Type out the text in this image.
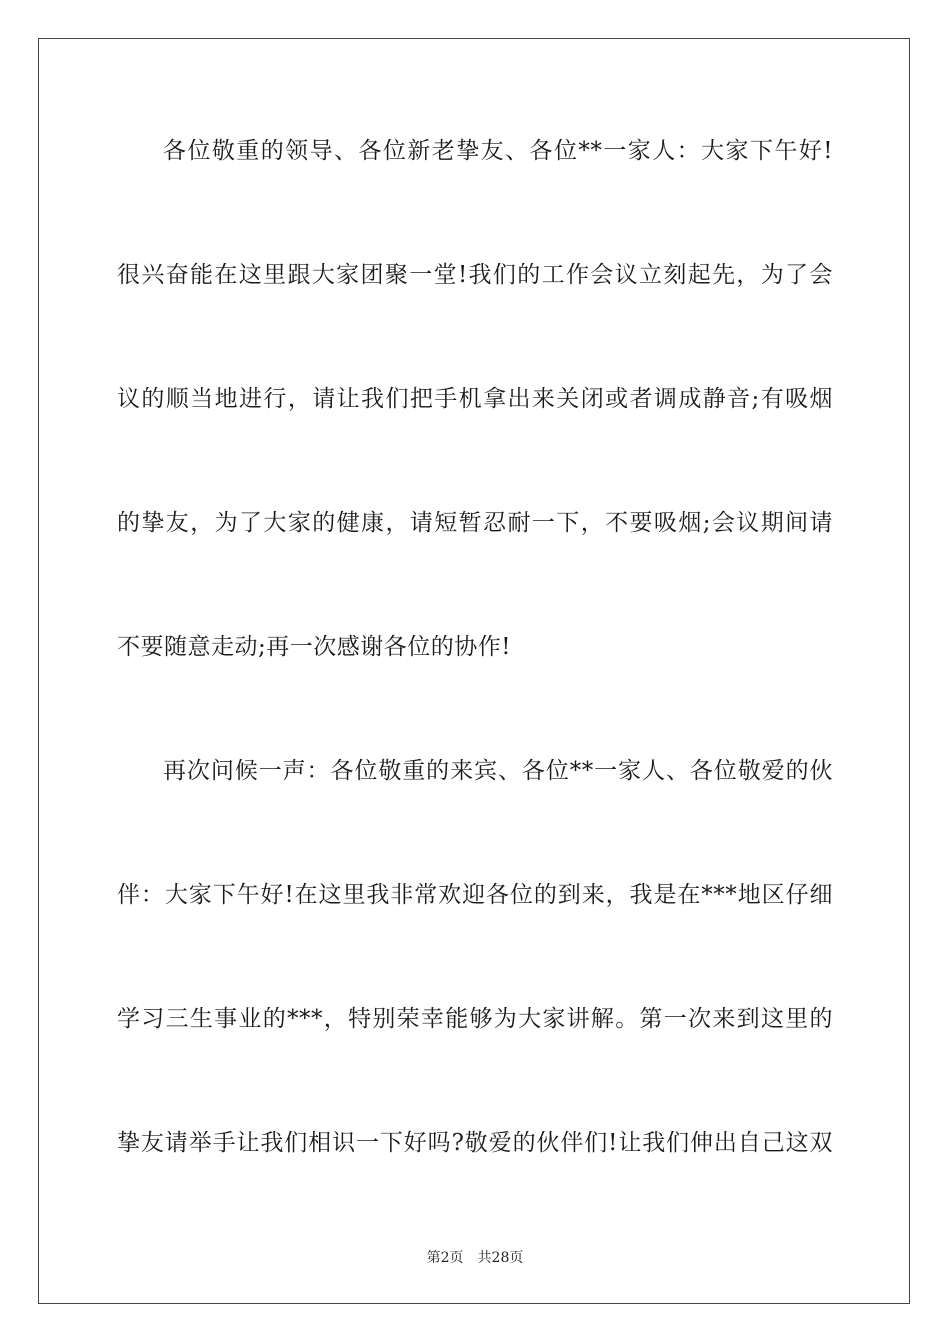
各位敬重的领导、各位新老挚友、各位**一家人：大家下午好!
很兴奋能在这里跟大家团聚一堂!我们的工作会议立刻起先，为了会
议的顺当地进行，请让我们把手机拿出来关闭或者调成静音;有吸烟
的挚友，为了大家的健康，请短暂忍耐一下，不要吸烟;会议期间请
不要随意走动;再一次感谢各位的协作!
再次问候一声：各位敬重的来宾、各位**一家人、各位敬爱的伙
伴：大家下午好!在这里我非常欢迎各位的到来，我是在***地区仔细
学习三生事业的***，特别荣幸能够为大家讲解。第一次来到这里的
挚友请举手让我们相识一下好吗?敬爱的伙伴们!让我们伸出自己这双
第2页 共28页
